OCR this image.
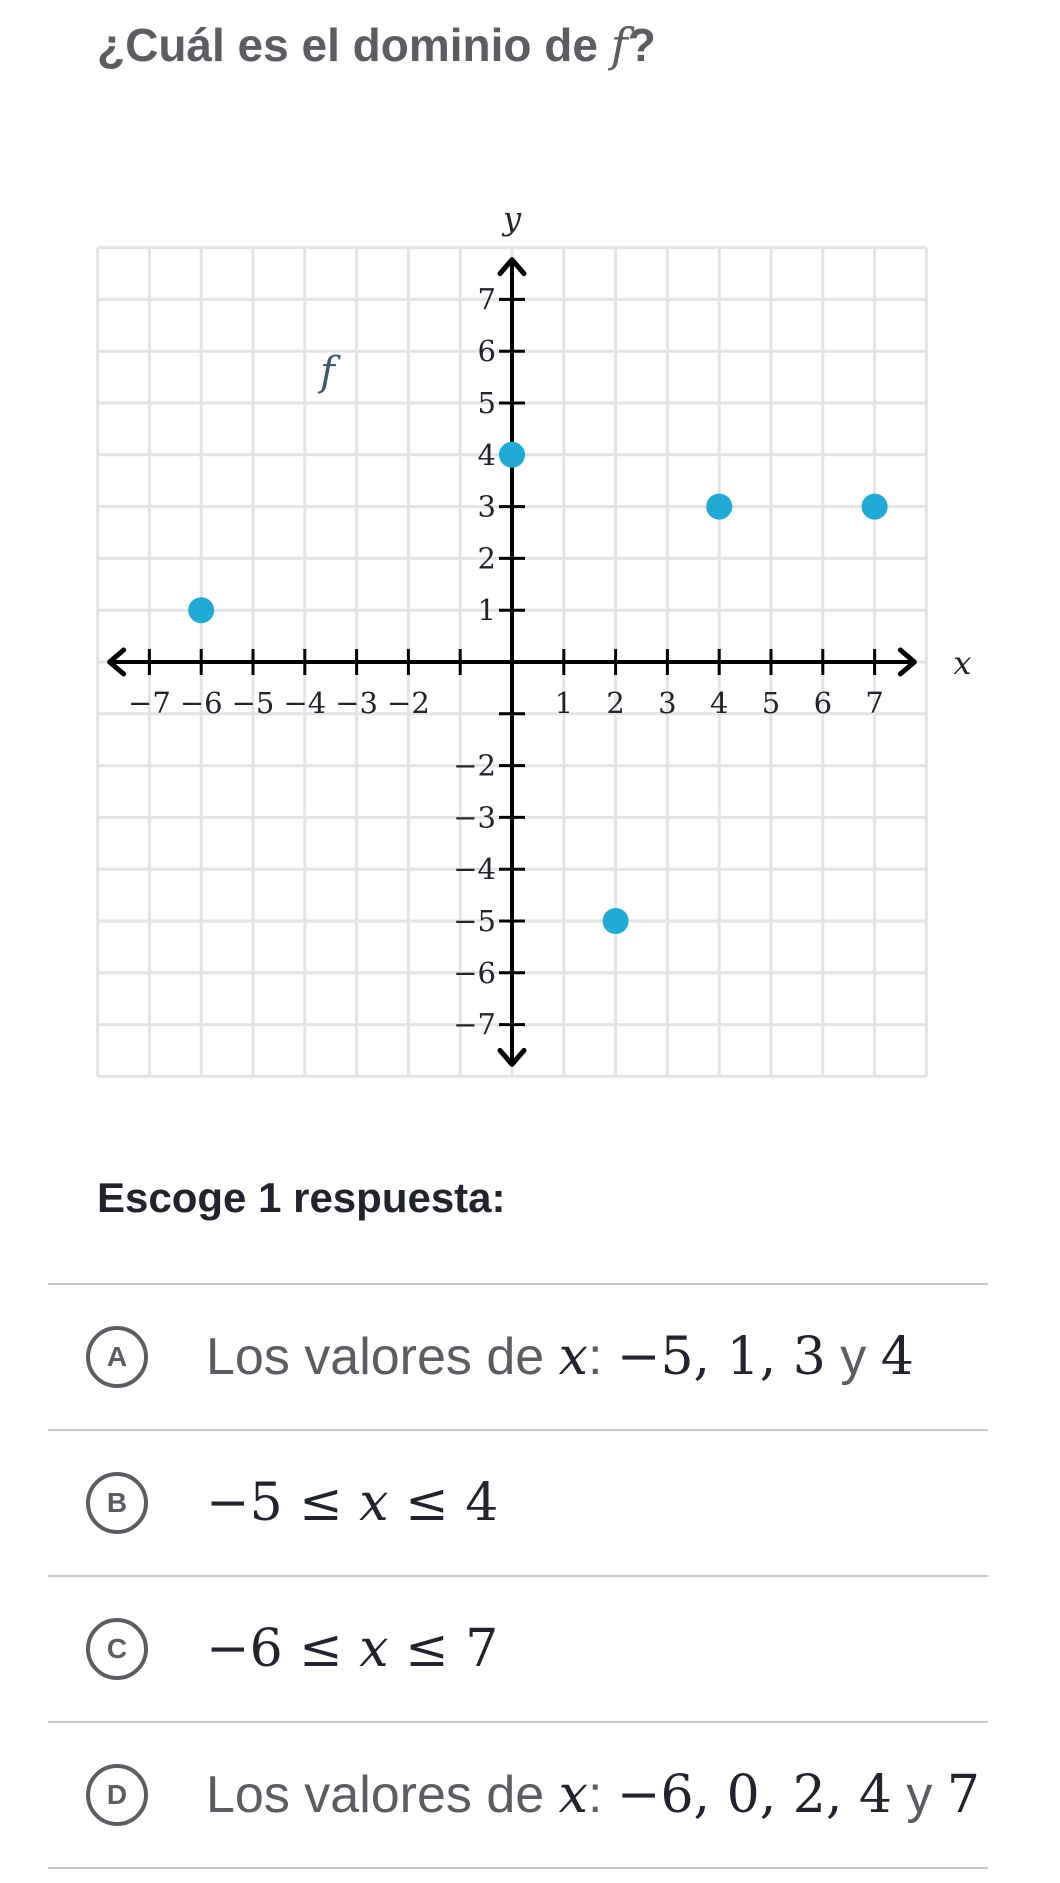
¿Cuál es el dominio de f?
−7 −6 −5 −4 −3 −2	1 2 3 4 5 6 7
7
6
5
4
3
2
1
−2
−3
−4
−5
−6
−7
x
y
f
Escoge 1 respuesta:
A	Los valores de x: −5, 1, 3 y 4
B	−5 ≤ x ≤ 4
C	−6 ≤ x ≤ 7
D	Los valores de x: −6, 0, 2, 4 y 7
